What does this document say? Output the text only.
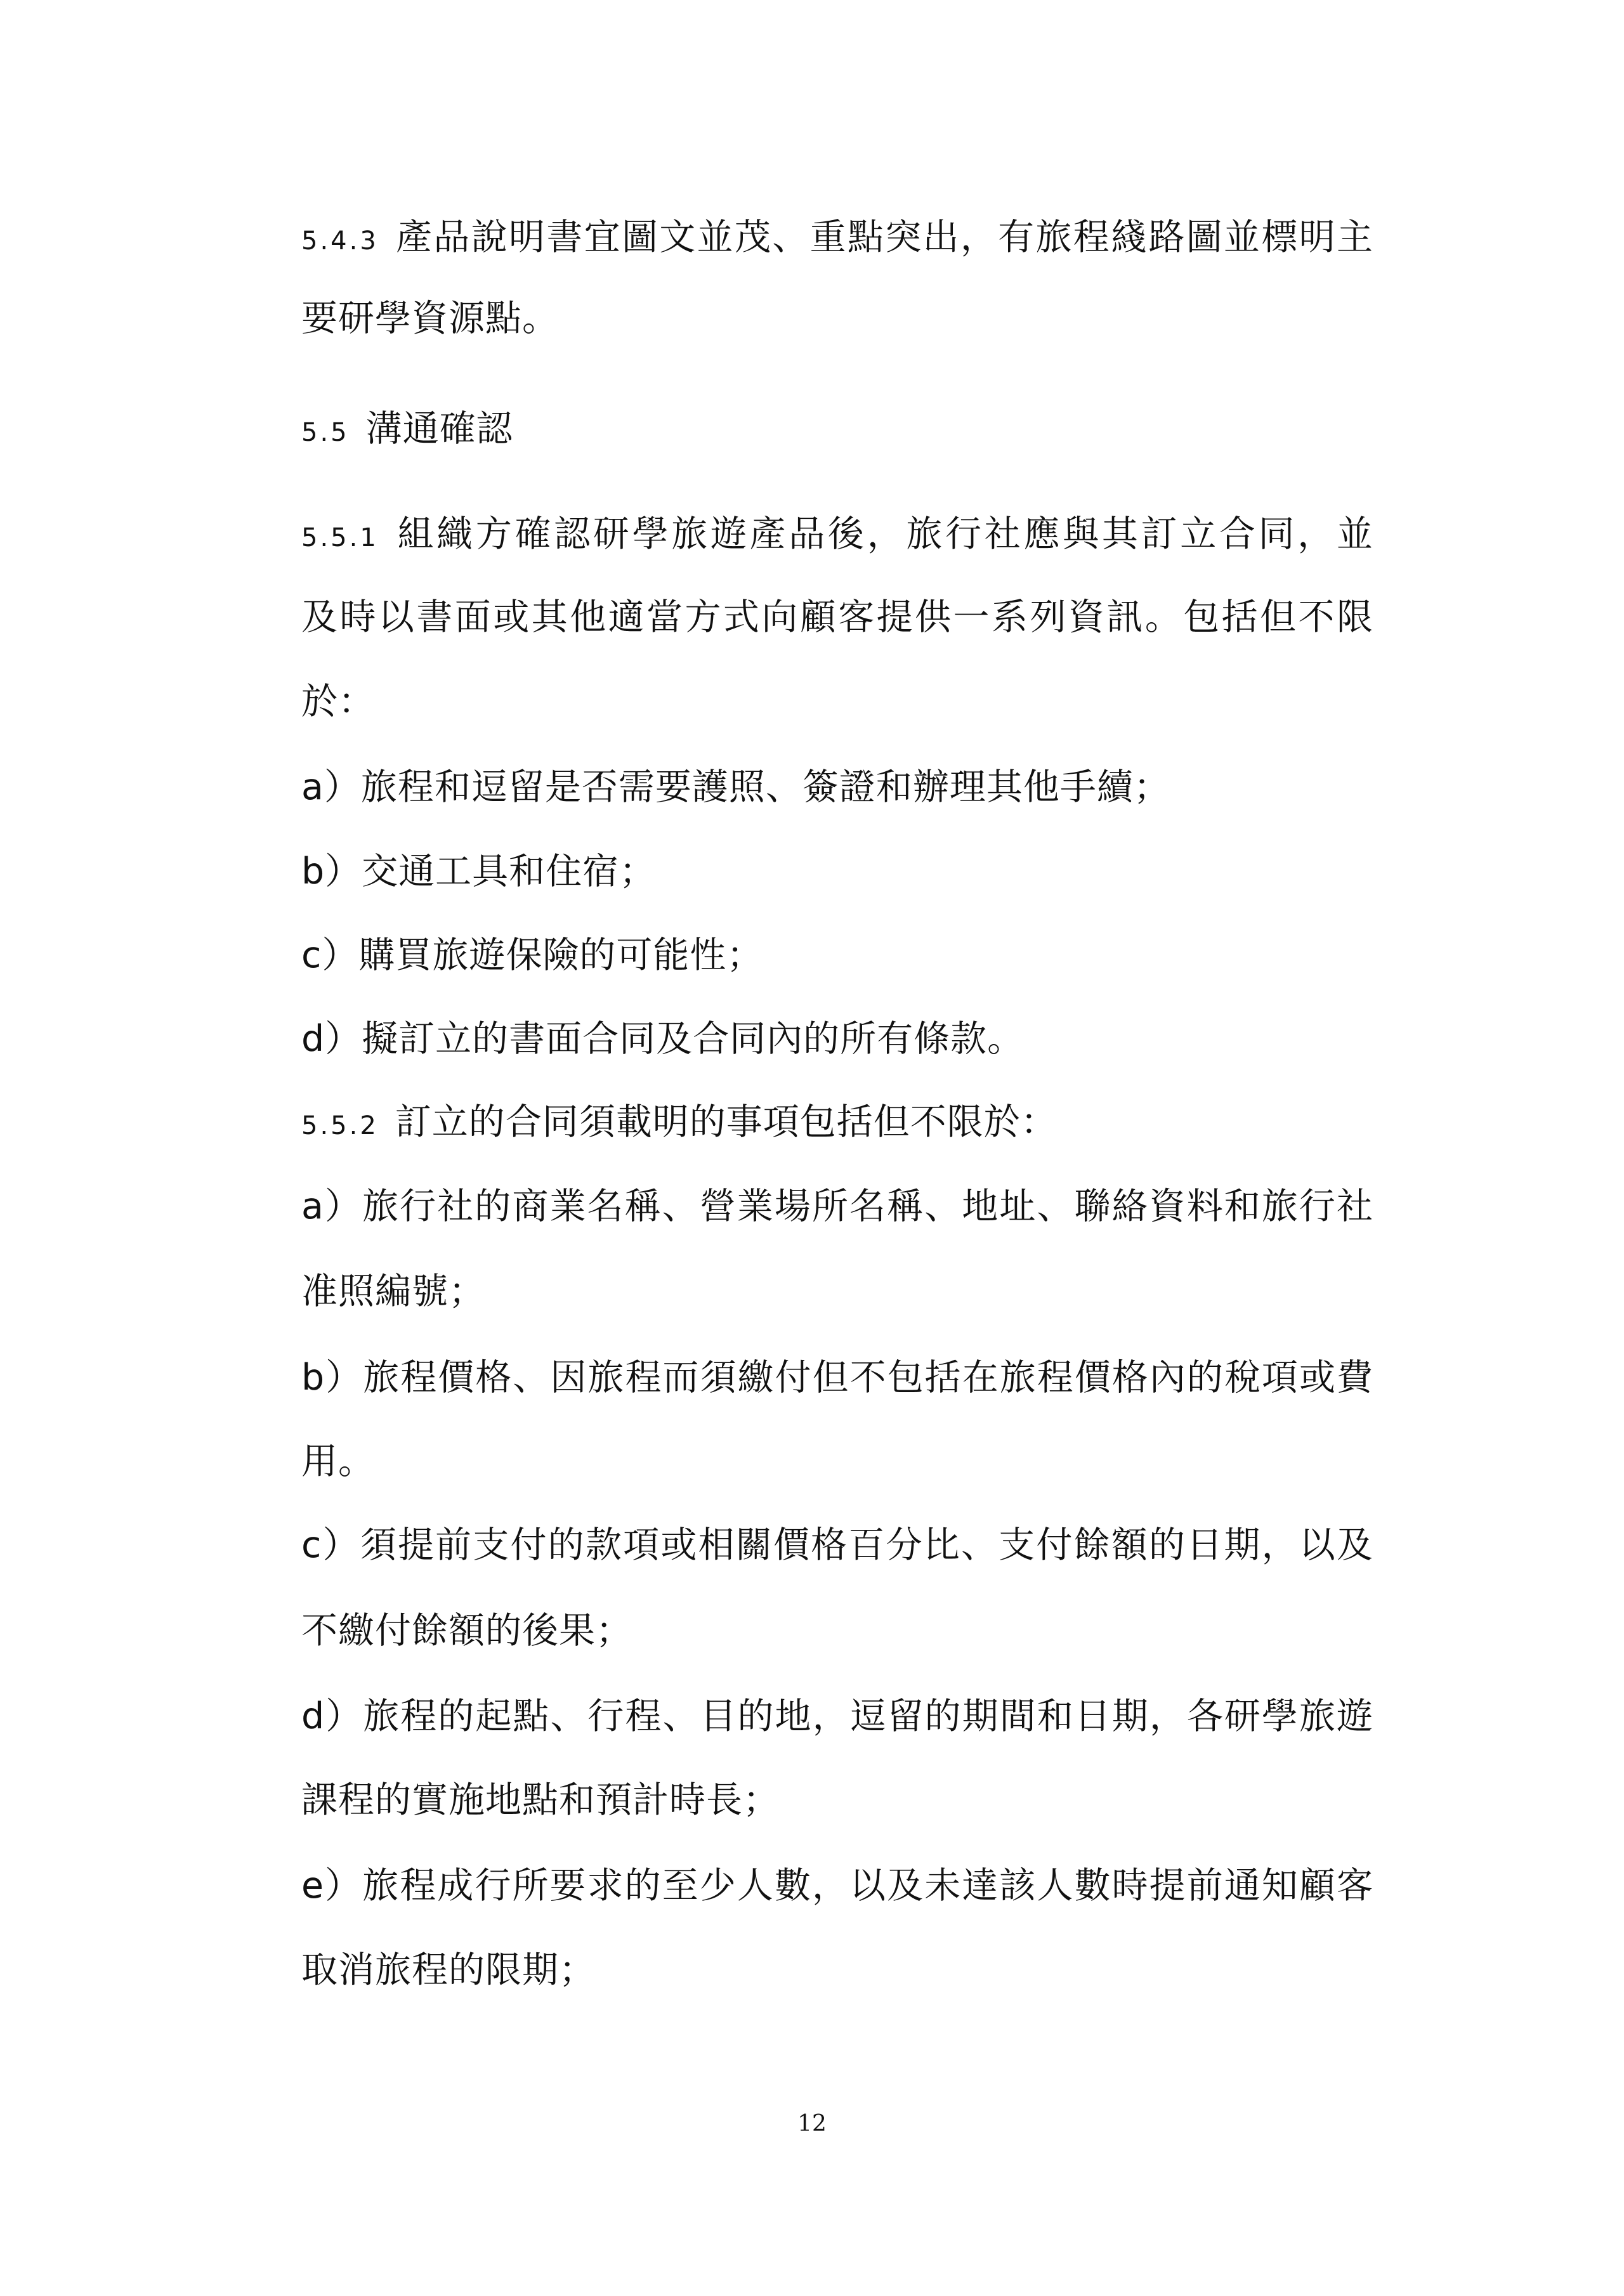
5.4.3 產品說明書宜圖文並茂、重點突出，有旅程綫路圖並標明主
要研學資源點。
5.5 溝通確認
5.5.1 組織方確認研學旅遊產品後，旅行社應與其訂立合同，並
及時以書面或其他適當方式向顧客提供一系列資訊。包括但不限
於：
a）旅程和逗留是否需要護照、簽證和辦理其他手續；
b）交通工具和住宿；
c）購買旅遊保險的可能性；
d）擬訂立的書面合同及合同內的所有條款。
5.5.2 訂立的合同須載明的事項包括但不限於：
a）旅行社的商業名稱、營業場所名稱、地址、聯絡資料和旅行社
准照編號；
b）旅程價格、因旅程而須繳付但不包括在旅程價格內的稅項或費
用。
c）須提前支付的款項或相關價格百分比、支付餘額的日期，以及
不繳付餘額的後果；
d）旅程的起點、行程、目的地，逗留的期間和日期，各研學旅遊
課程的實施地點和預計時長；
e）旅程成行所要求的至少人數，以及未達該人數時提前通知顧客
取消旅程的限期；
12
